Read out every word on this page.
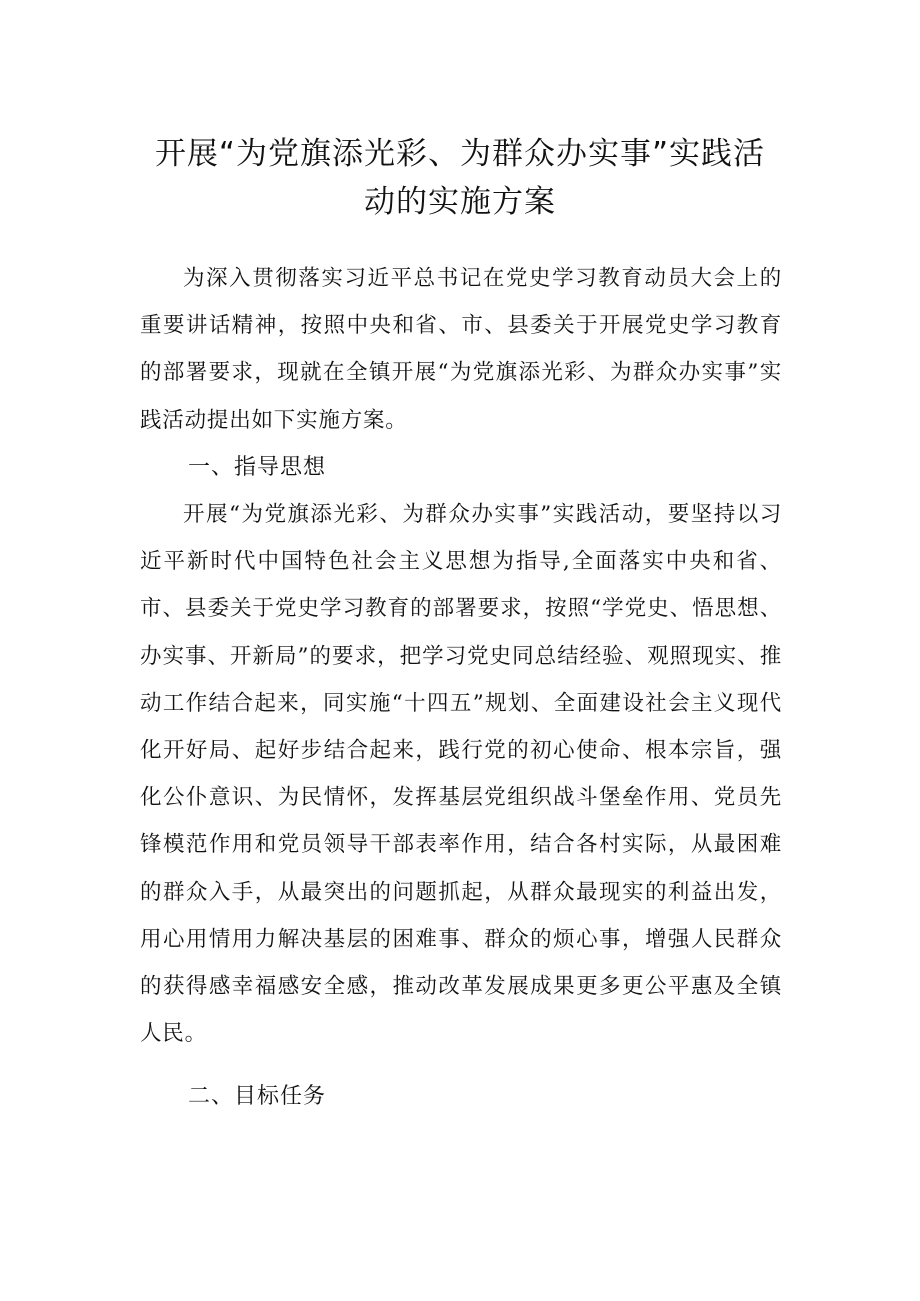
开展“为党旗添光彩、为群众办实事”实践活
动的实施方案

为深入贯彻落实习近平总书记在党史学习教育动员大会上的重要讲话精神，按照中央和省、市、县委关于开展党史学习教育的部署要求，现就在全镇开展“为党旗添光彩、为群众办实事”实践活动提出如下实施方案。

一、指导思想

开展“为党旗添光彩、为群众办实事”实践活动，要坚持以习近平新时代中国特色社会主义思想为指导,全面落实中央和省、市、县委关于党史学习教育的部署要求，按照“学党史、悟思想、办实事、开新局”的要求，把学习党史同总结经验、观照现实、推动工作结合起来，同实施“十四五”规划、全面建设社会主义现代化开好局、起好步结合起来，践行党的初心使命、根本宗旨，强化公仆意识、为民情怀，发挥基层党组织战斗堡垒作用、党员先锋模范作用和党员领导干部表率作用，结合各村实际，从最困难的群众入手，从最突出的问题抓起，从群众最现实的利益出发，用心用情用力解决基层的困难事、群众的烦心事，增强人民群众的获得感幸福感安全感，推动改革发展成果更多更公平惠及全镇人民。

二、目标任务
